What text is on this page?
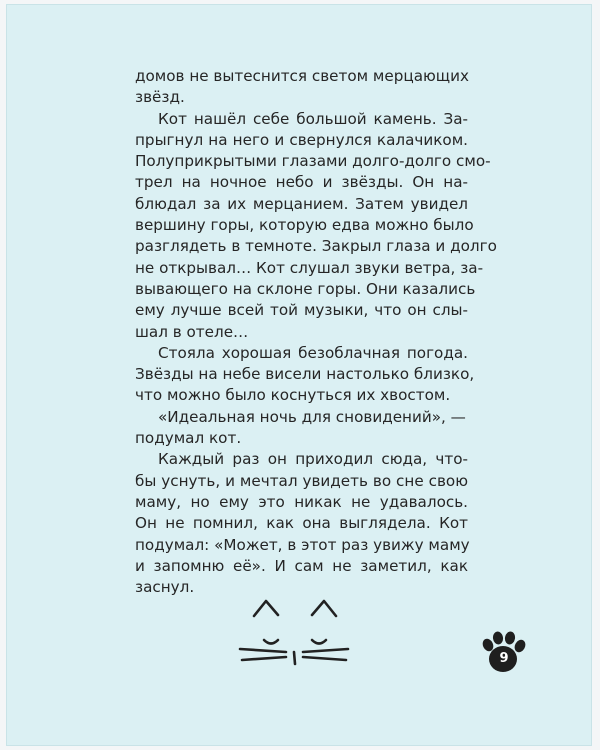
домов не вытеснится светом мерцающих

звёзд.

Кот нашёл себе большой камень. За-

прыгнул на него и свернулся калачиком.

Полуприкрытыми глазами долго-долго смо-

трел на ночное небо и звёзды. Он на-

блюдал за их мерцанием. Затем увидел

вершину горы, которую едва можно было

разглядеть в темноте. Закрыл глаза и долго

не открывал… Кот слушал звуки ветра, за-

вывающего на склоне горы. Они казались

ему лучше всей той музыки, что он слы-

шал в отеле…

Стояла хорошая безоблачная погода.

Звёзды на небе висели настолько близко,

что можно было коснуться их хвостом.

«Идеальная ночь для сновидений», —

подумал кот.

Каждый раз он приходил сюда, что-

бы уснуть, и мечтал увидеть во сне свою

маму, но ему это никак не удавалось.

Он не помнил, как она выглядела. Кот

подумал: «Может, в этот раз увижу маму

и запомню её». И сам не заметил, как

заснул.

9
